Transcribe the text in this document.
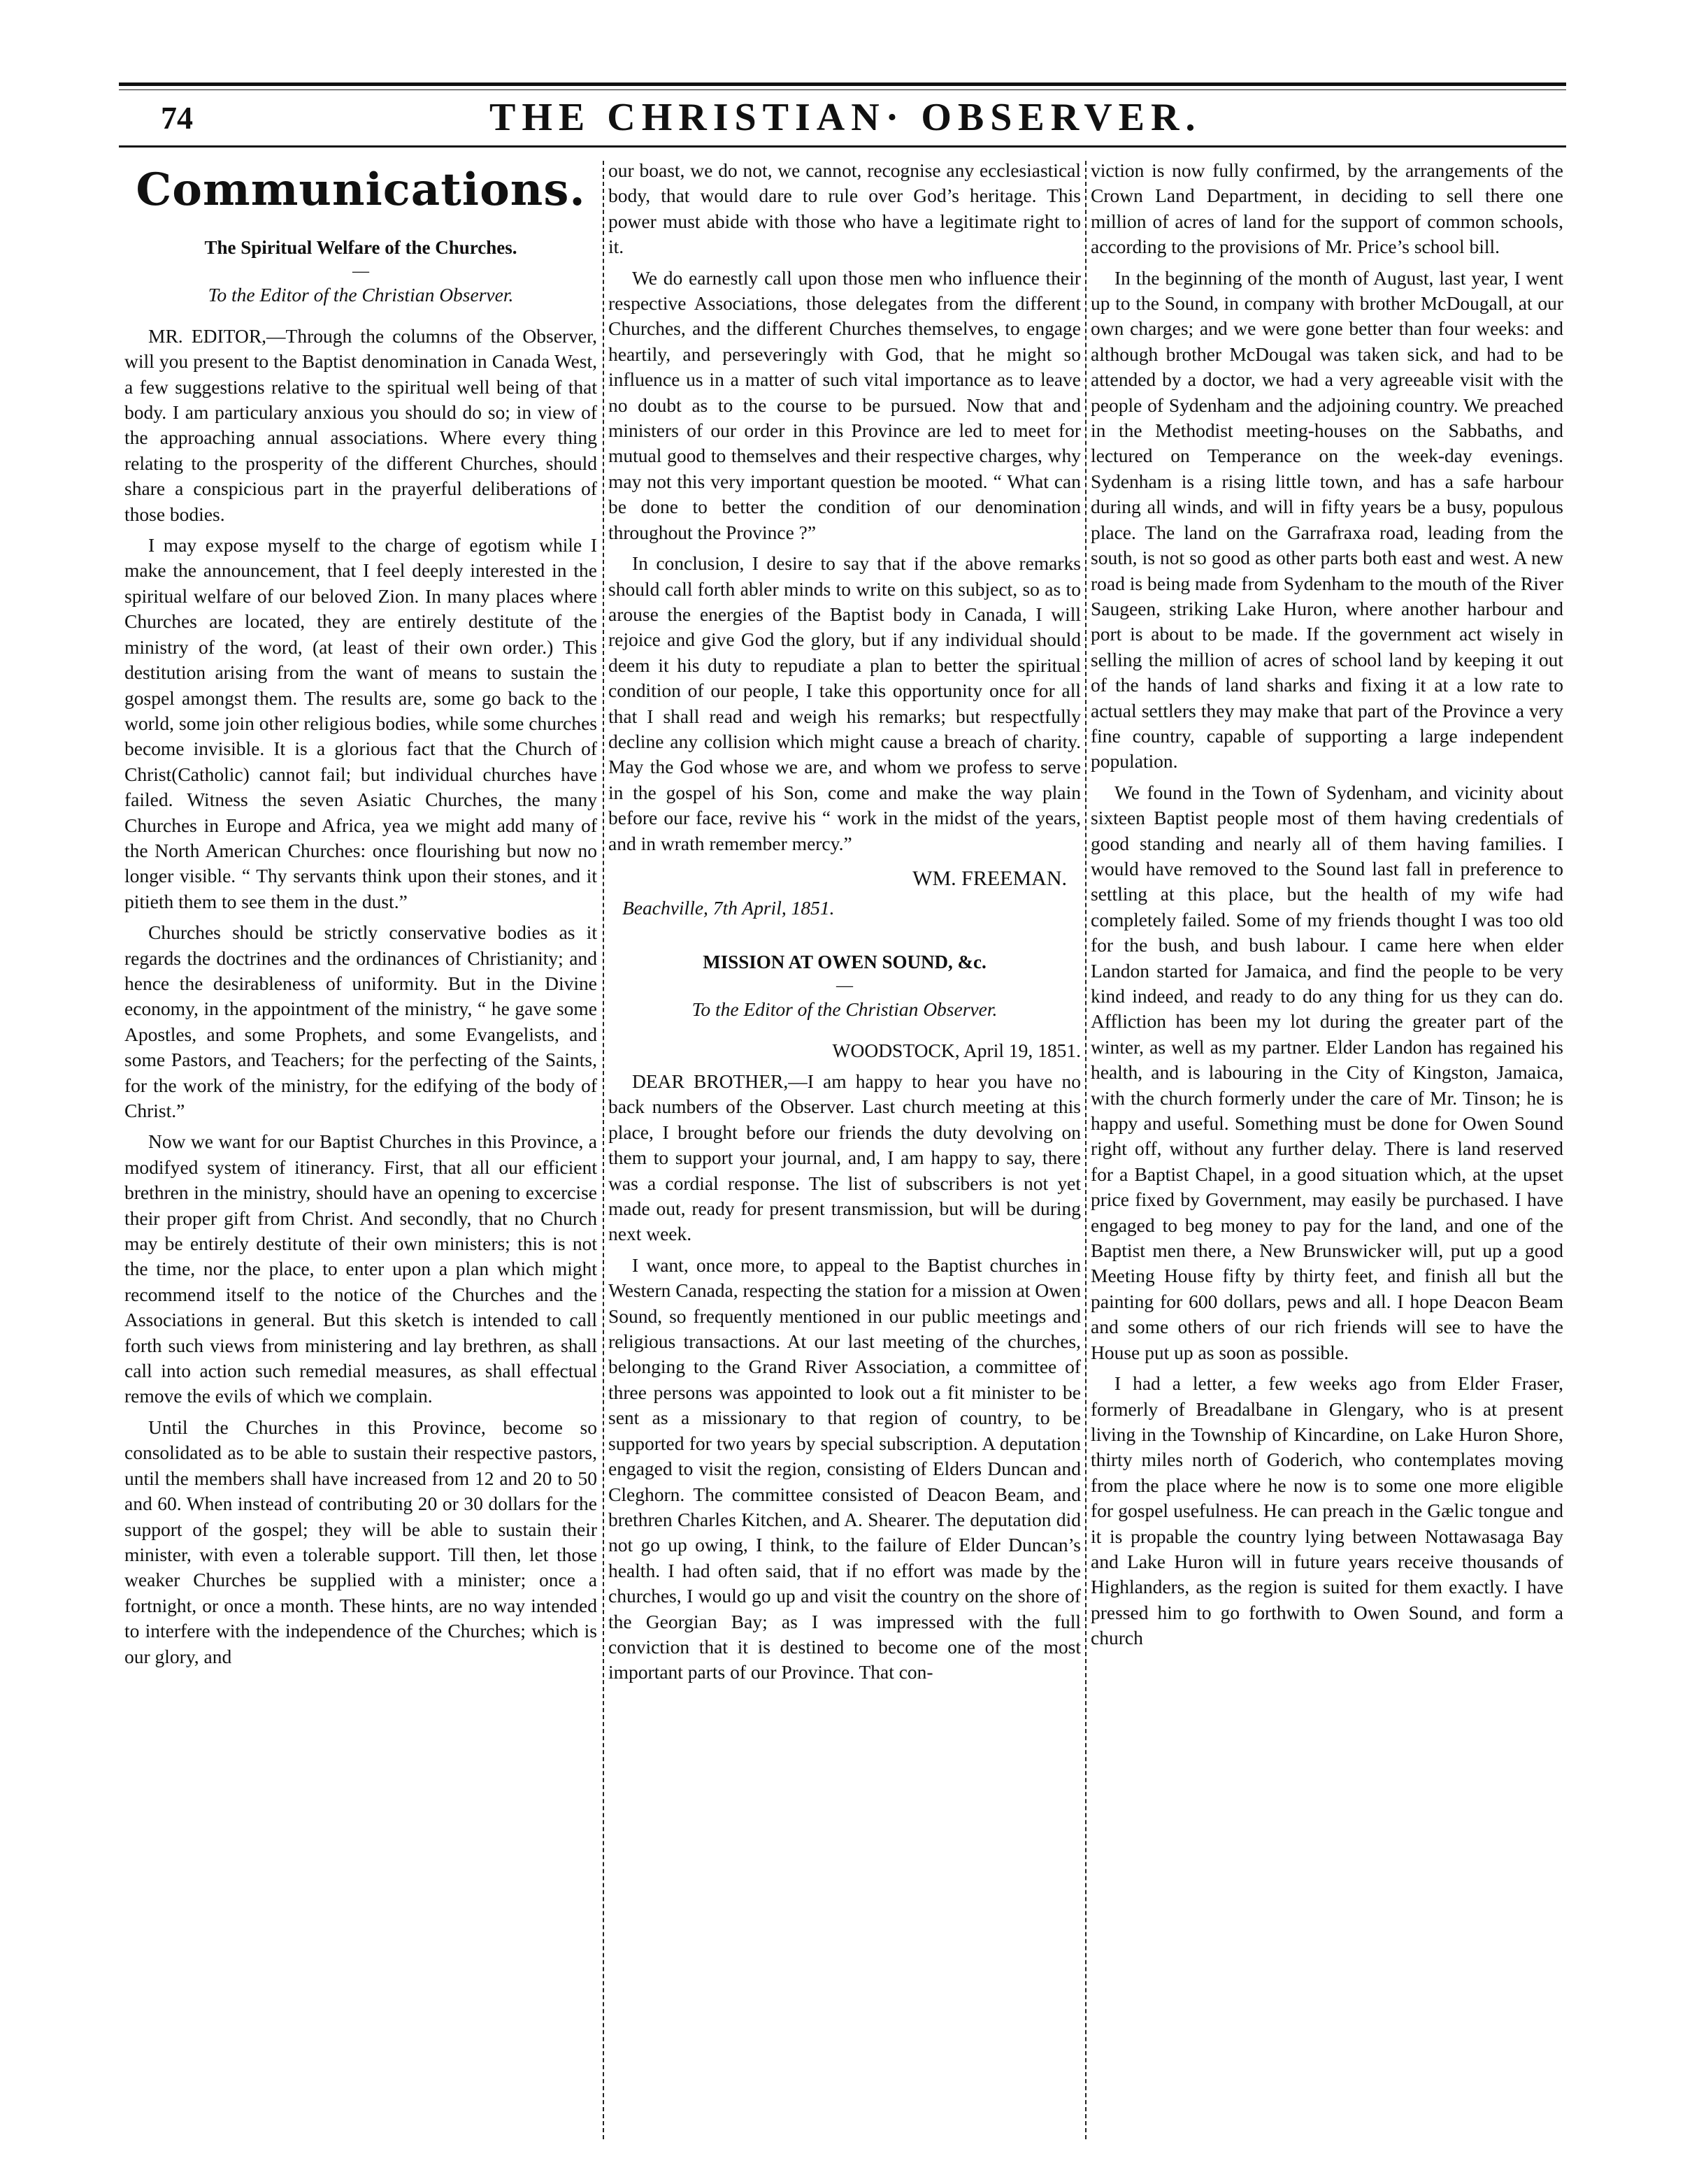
74	THE CHRISTIAN· OBSERVER.
Communications.
The Spiritual Welfare of the Churches.
—
To the Editor of the Christian Observer.

MR. EDITOR,—Through the columns of the Observer, will you present to the Baptist denomination in Canada West, a few suggestions relative to the spiritual well being of that body. I am particulary anxious you should do so; in view of the approaching annual associations. Where every thing relating to the prosperity of the different Churches, should share a conspicious part in the prayerful deliberations of those bodies.

I may expose myself to the charge of egotism while I make the announcement, that I feel deeply interested in the spiritual welfare of our beloved Zion. In many places where Churches are located, they are entirely destitute of the ministry of the word, (at least of their own order.) This destitution arising from the want of means to sustain the gospel amongst them. The results are, some go back to the world, some join other religious bodies, while some churches become invisible. It is a glorious fact that the Church of Christ(Catholic) cannot fail; but individual churches have failed. Witness the seven Asiatic Churches, the many Churches in Europe and Africa, yea we might add many of the North American Churches: once flourishing but now no longer visible. “ Thy servants think upon their stones, and it pitieth them to see them in the dust.”

Churches should be strictly conservative bodies as it regards the doctrines and the ordinances of Christianity; and hence the desirableness of uniformity. But in the Divine economy, in the appointment of the ministry, “ he gave some Apostles, and some Prophets, and some Evangelists, and some Pastors, and Teachers; for the perfecting of the Saints, for the work of the ministry, for the edifying of the body of Christ.”

Now we want for our Baptist Churches in this Province, a modifyed system of itinerancy. First, that all our efficient brethren in the ministry, should have an opening to excercise their proper gift from Christ. And secondly, that no Church may be entirely destitute of their own ministers; this is not the time, nor the place, to enter upon a plan which might recommend itself to the notice of the Churches and the Associations in general. But this sketch is intended to call forth such views from ministering and lay brethren, as shall call into action such remedial measures, as shall effectual remove the evils of which we complain.

Until the Churches in this Province, become so consolidated as to be able to sustain their respective pastors, until the members shall have increased from 12 and 20 to 50 and 60. When instead of contributing 20 or 30 dollars for the support of the gospel; they will be able to sustain their minister, with even a tolerable support. Till then, let those weaker Churches be supplied with a minister; once a fortnight, or once a month. These hints, are no way intended to interfere with the independence of the Churches; which is our glory, and

our boast, we do not, we cannot, recognise any ecclesiastical body, that would dare to rule over God’s heritage. This power must abide with those who have a legitimate right to it.

We do earnestly call upon those men who influence their respective Associations, those delegates from the different Churches, and the different Churches themselves, to engage heartily, and perseveringly with God, that he might so influence us in a matter of such vital importance as to leave no doubt as to the course to be pursued. Now that and ministers of our order in this Province are led to meet for mutual good to themselves and their respective charges, why may not this very important question be mooted. “ What can be done to better the condition of our denomination throughout the Province ?”

In conclusion, I desire to say that if the above remarks should call forth abler minds to write on this subject, so as to arouse the energies of the Baptist body in Canada, I will rejoice and give God the glory, but if any individual should deem it his duty to repudiate a plan to better the spiritual condition of our people, I take this opportunity once for all that I shall read and weigh his remarks; but respectfully decline any collision which might cause a breach of charity. May the God whose we are, and whom we profess to serve in the gospel of his Son, come and make the way plain before our face, revive his “ work in the midst of the years, and in wrath remember mercy.”

WM. FREEMAN.
Beachville, 7th April, 1851.
MISSION AT OWEN SOUND, &c.
—
To the Editor of the Christian Observer.
WOODSTOCK, April 19, 1851.

DEAR BROTHER,—I am happy to hear you have no back numbers of the Observer. Last church meeting at this place, I brought before our friends the duty devolving on them to support your journal, and, I am happy to say, there was a cordial response. The list of subscribers is not yet made out, ready for present transmission, but will be during next week.

I want, once more, to appeal to the Baptist churches in Western Canada, respecting the station for a mission at Owen Sound, so frequently mentioned in our public meetings and religious transactions. At our last meeting of the churches, belonging to the Grand River Association, a committee of three persons was appointed to look out a fit minister to be sent as a missionary to that region of country, to be supported for two years by special subscription. A deputation engaged to visit the region, consisting of Elders Duncan and Cleghorn. The committee consisted of Deacon Beam, and brethren Charles Kitchen, and A. Shearer. The deputation did not go up owing, I think, to the failure of Elder Duncan’s health. I had often said, that if no effort was made by the churches, I would go up and visit the country on the shore of the Georgian Bay; as I was impressed with the full conviction that it is destined to become one of the most important parts of our Province. That con-

viction is now fully confirmed, by the arrangements of the Crown Land Department, in deciding to sell there one million of acres of land for the support of common schools, according to the provisions of Mr. Price’s school bill.

In the beginning of the month of August, last year, I went up to the Sound, in company with brother McDougall, at our own charges; and we were gone better than four weeks: and although brother McDougal was taken sick, and had to be attended by a doctor, we had a very agreeable visit with the people of Sydenham and the adjoining country. We preached in the Methodist meeting-houses on the Sabbaths, and lectured on Temperance on the week-day evenings. Sydenham is a rising little town, and has a safe harbour during all winds, and will in fifty years be a busy, populous place. The land on the Garrafraxa road, leading from the south, is not so good as other parts both east and west. A new road is being made from Sydenham to the mouth of the River Saugeen, striking Lake Huron, where another harbour and port is about to be made. If the government act wisely in selling the million of acres of school land by keeping it out of the hands of land sharks and fixing it at a low rate to actual settlers they may make that part of the Province a very fine country, capable of supporting a large independent population.

We found in the Town of Sydenham, and vicinity about sixteen Baptist people most of them having credentials of good standing and nearly all of them having families. I would have removed to the Sound last fall in preference to settling at this place, but the health of my wife had completely failed. Some of my friends thought I was too old for the bush, and bush labour. I came here when elder Landon started for Jamaica, and find the people to be very kind indeed, and ready to do any thing for us they can do. Affliction has been my lot during the greater part of the winter, as well as my partner. Elder Landon has regained his health, and is labouring in the City of Kingston, Jamaica, with the church formerly under the care of Mr. Tinson; he is happy and useful. Something must be done for Owen Sound right off, without any further delay. There is land reserved for a Baptist Chapel, in a good situation which, at the upset price fixed by Government, may easily be purchased. I have engaged to beg money to pay for the land, and one of the Baptist men there, a New Brunswicker will, put up a good Meeting House fifty by thirty feet, and finish all but the painting for 600 dollars, pews and all. I hope Deacon Beam and some others of our rich friends will see to have the House put up as soon as possible.

I had a letter, a few weeks ago from Elder Fraser, formerly of Breadalbane in Glengary, who is at present living in the Township of Kincardine, on Lake Huron Shore, thirty miles north of Goderich, who contemplates moving from the place where he now is to some one more eligible for gospel usefulness. He can preach in the Gælic tongue and it is propable the country lying between Nottawasaga Bay and Lake Huron will in future years receive thousands of Highlanders, as the region is suited for them exactly. I have pressed him to go forthwith to Owen Sound, and form a church
